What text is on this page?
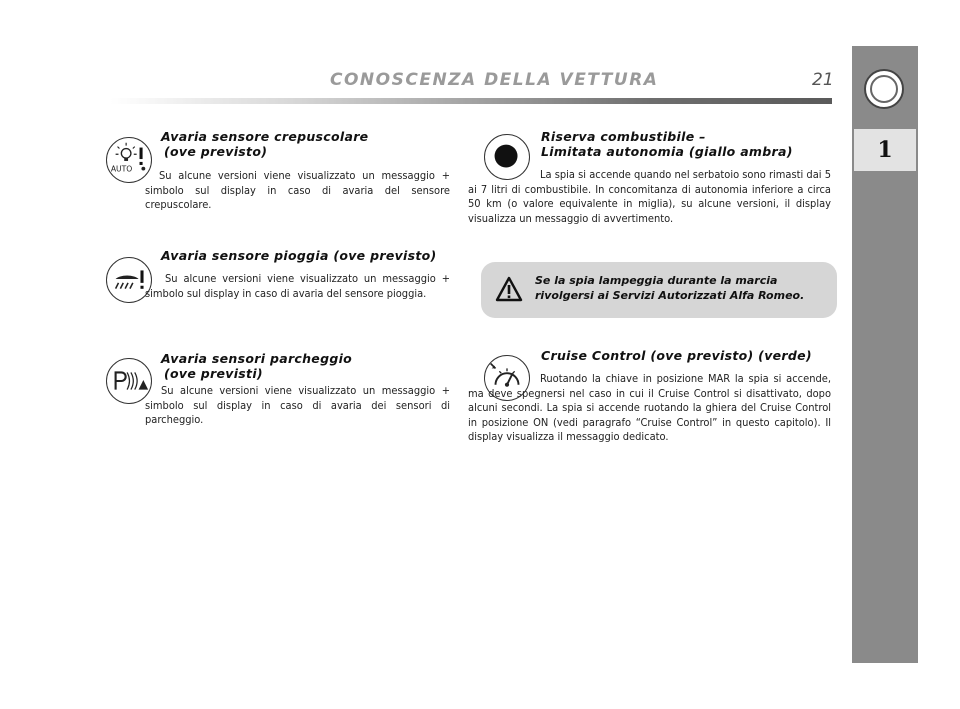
CONOSCENZA DELLA VETTURA	21
1
AUTO
Avaria sensore crepuscolare
(ove previsto)
Su alcune versioni viene visualizzato un messaggio + simbolo sul display in caso di avaria del sensore crepuscolare.
Avaria sensore pioggia (ove previsto)
Su alcune versioni viene visualizzato un messaggio + simbolo sul display in caso di avaria del sensore pioggia.
Avaria sensori parcheggio
(ove previsti)
Su alcune versioni viene visualizzato un messaggio + simbolo sul display in caso di avaria dei sensori di parcheggio.
Riserva combustibile –
Limitata autonomia (giallo ambra)
La spia si accende quando nel serbatoio sono rimasti dai 5 ai 7 litri di combustibile. In concomitanza di autonomia inferiore a circa 50 km (o valore equivalente in miglia), su alcune versioni, il display visualizza un messaggio di avvertimento.
Se la spia lampeggia durante la marcia rivolgersi ai Servizi Autorizzati Alfa Romeo.
Cruise Control (ove previsto) (verde)
Ruotando la chiave in posizione MAR la spia si accende, ma deve spegnersi nel caso in cui il Cruise Control si disattivato, dopo alcuni secondi. La spia si accende ruotando la ghiera del Cruise Control in posizione ON (vedi paragrafo “Cruise Control” in questo capitolo). Il display visualizza il messaggio dedicato.
